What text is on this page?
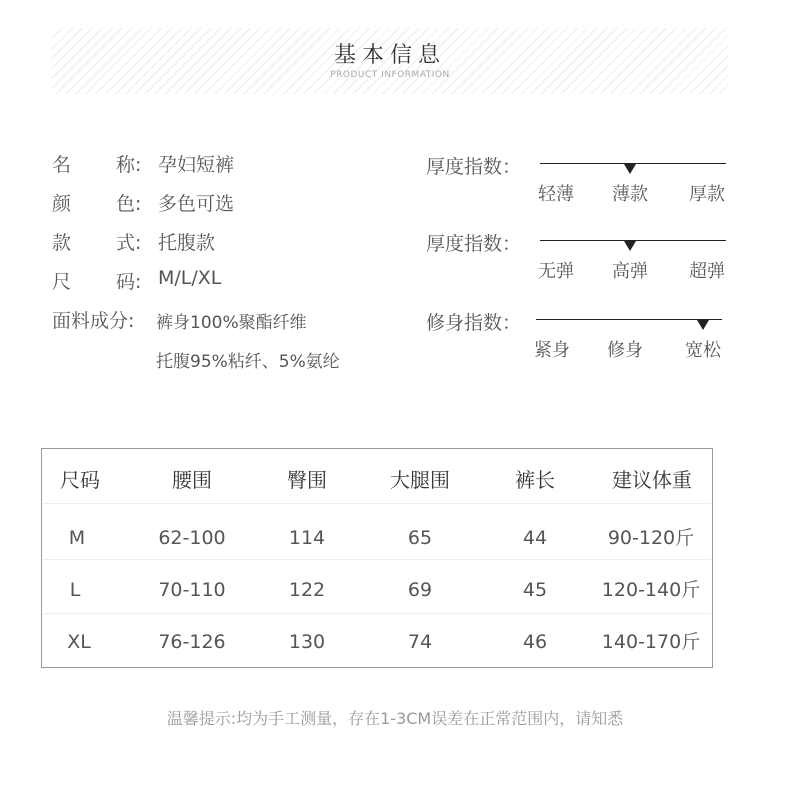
基本信息
PRODUCT INFORMATION
名 称: 孕妇短裤
颜 色: 多色可选
款 式: 托腹款
尺 码: M/L/XL
面料成分: 裤身100%聚酯纤维
托腹95%粘纤、5%氨纶
厚度指数：
轻薄 薄款 厚款
厚度指数：
无弹 高弹 超弹
修身指数：
紧身 修身 宽松
尺码	腰围	臀围	大腿围	裤长	建议体重
M	62-100	114	65	44	90-120斤
L	70-110	122	69	45	120-140斤
XL	76-126	130	74	46	140-170斤
温馨提示:均为手工测量，存在1-3CM误差在正常范围内，请知悉
